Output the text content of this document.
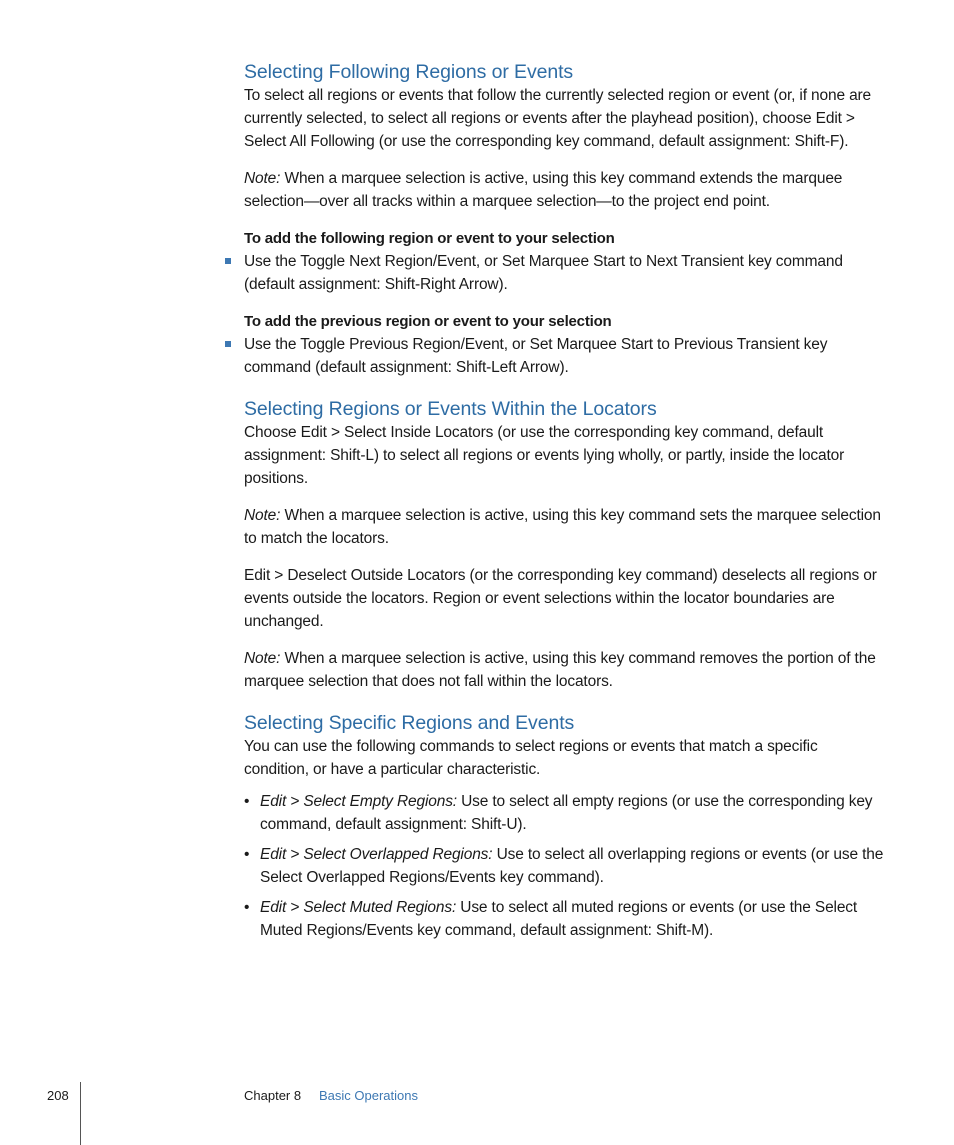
Selecting Following Regions or Events

To select all regions or events that follow the currently selected region or event (or, if none are currently selected, to select all regions or events after the playhead position), choose Edit > Select All Following (or use the corresponding key command, default assignment: Shift-F).

Note: When a marquee selection is active, using this key command extends the marquee selection—over all tracks within a marquee selection—to the project end point.

To add the following region or event to your selection

Use the Toggle Next Region/Event, or Set Marquee Start to Next Transient key command (default assignment: Shift-Right Arrow).

To add the previous region or event to your selection

Use the Toggle Previous Region/Event, or Set Marquee Start to Previous Transient key command (default assignment: Shift-Left Arrow).

Selecting Regions or Events Within the Locators

Choose Edit > Select Inside Locators (or use the corresponding key command, default assignment: Shift-L) to select all regions or events lying wholly, or partly, inside the locator positions.

Note: When a marquee selection is active, using this key command sets the marquee selection to match the locators.

Edit > Deselect Outside Locators (or the corresponding key command) deselects all regions or events outside the locators. Region or event selections within the locator boundaries are unchanged.

Note: When a marquee selection is active, using this key command removes the portion of the marquee selection that does not fall within the locators.

Selecting Specific Regions and Events

You can use the following commands to select regions or events that match a specific condition, or have a particular characteristic.

• Edit > Select Empty Regions: Use to select all empty regions (or use the corresponding key command, default assignment: Shift-U).

• Edit > Select Overlapped Regions: Use to select all overlapping regions or events (or use the Select Overlapped Regions/Events key command).

• Edit > Select Muted Regions: Use to select all muted regions or events (or use the Select Muted Regions/Events key command, default assignment: Shift-M).

208	Chapter 8 Basic Operations
